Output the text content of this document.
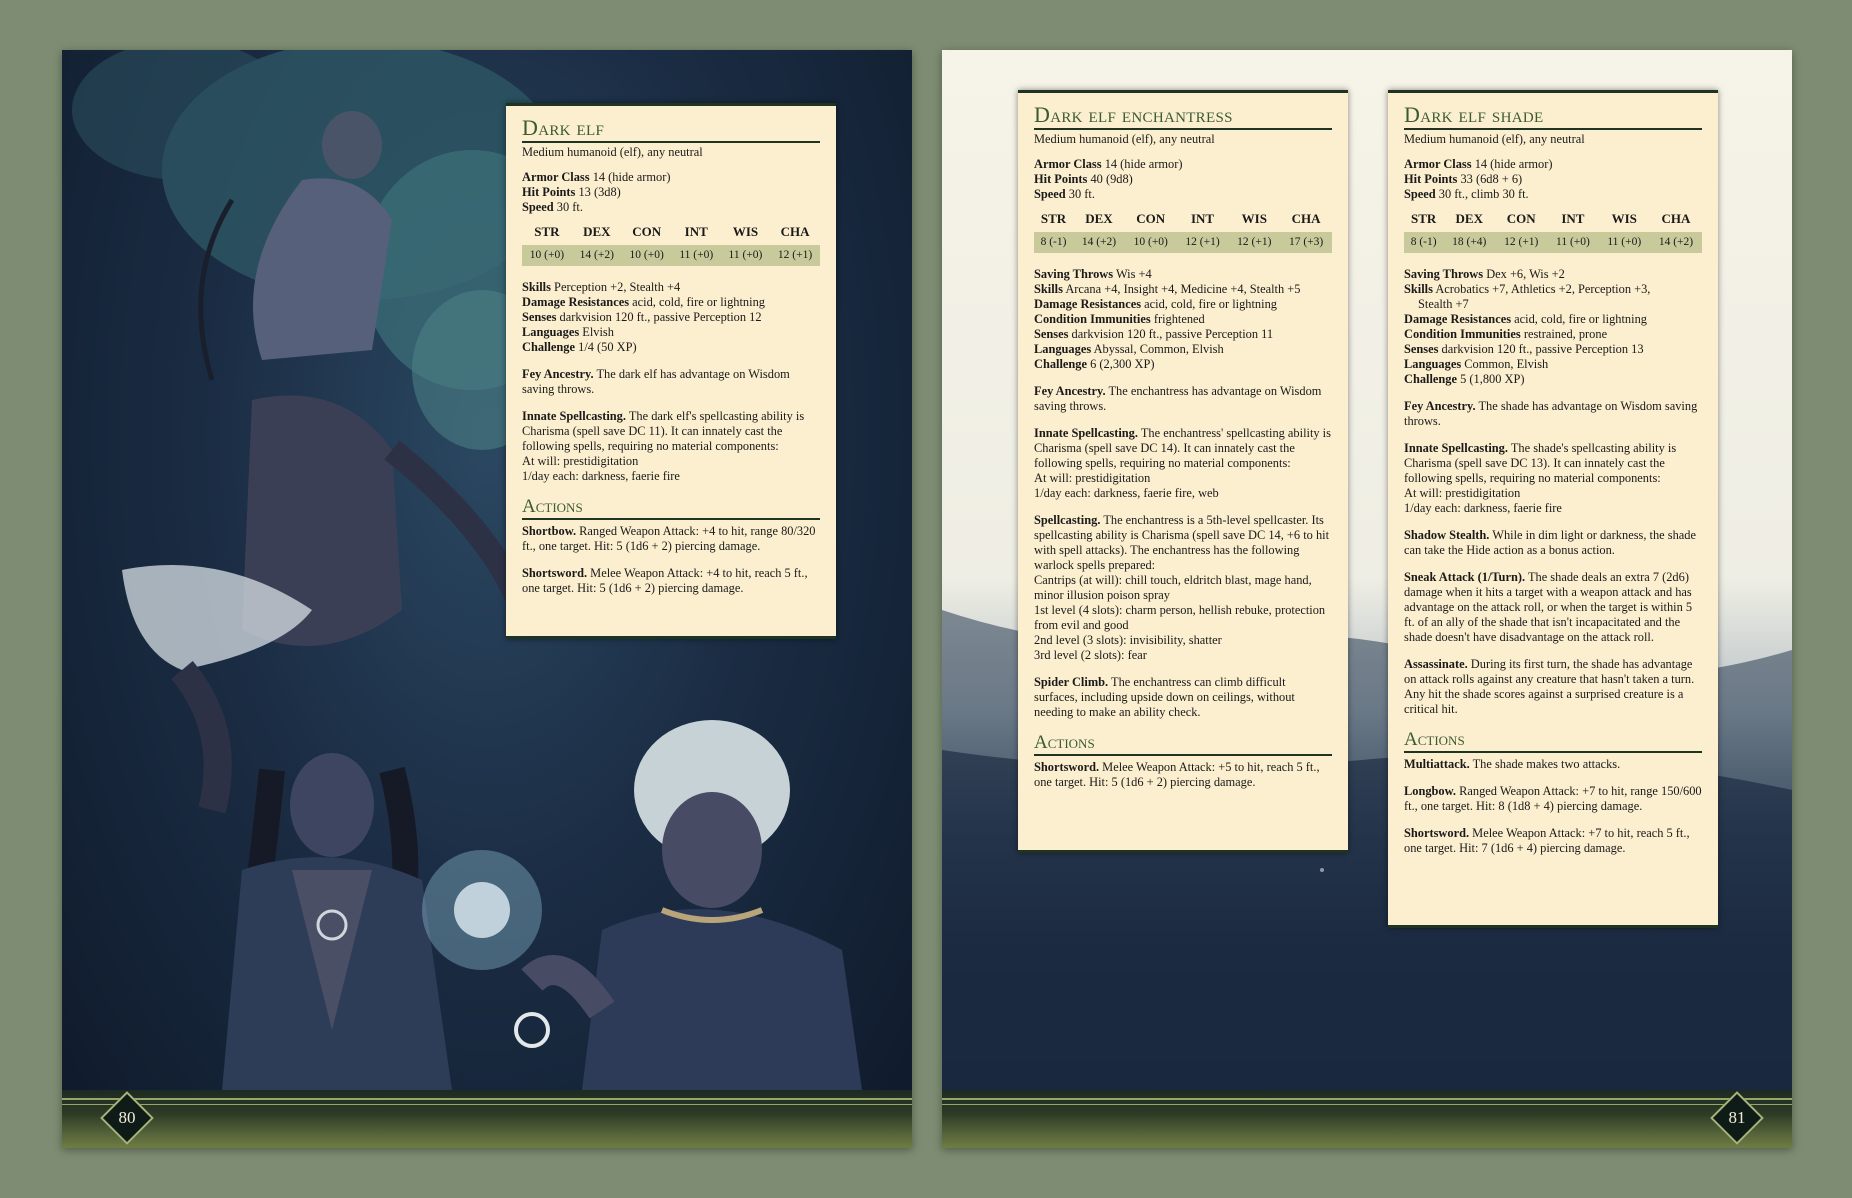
Dark elf
Medium humanoid (elf), any neutral
Armor Class 14 (hide armor)
Hit Points 13 (3d8)
Speed 30 ft.
STR	DEX	CON	INT	WIS	CHA
10 (+0)	14 (+2)	10 (+0)	11 (+0)	11 (+0)	12 (+1)
Skills Perception +2, Stealth +4
Damage Resistances acid, cold, fire or lightning
Senses darkvision 120 ft., passive Perception 12
Languages Elvish
Challenge 1/4 (50 XP)

Fey Ancestry. The dark elf has advantage on Wisdom saving throws.

Innate Spellcasting. The dark elf's spellcasting ability is Charisma (spell save DC 11). It can innately cast the following spells, requiring no material components:

At will: prestidigitation

1/day each: darkness, faerie fire

Actions

Shortbow. Ranged Weapon Attack: +4 to hit, range 80/320 ft., one target. Hit: 5 (1d6 + 2) piercing damage.

Shortsword. Melee Weapon Attack: +4 to hit, reach 5 ft., one target. Hit: 5 (1d6 + 2) piercing damage.

80
Dark elf enchantress
Medium humanoid (elf), any neutral
Armor Class 14 (hide armor)
Hit Points 40 (9d8)
Speed 30 ft.
STR	DEX	CON	INT	WIS	CHA
8 (-1)	14 (+2)	10 (+0)	12 (+1)	12 (+1)	17 (+3)
Saving Throws Wis +4
Skills Arcana +4, Insight +4, Medicine +4, Stealth +5
Damage Resistances acid, cold, fire or lightning
Condition Immunities frightened
Senses darkvision 120 ft., passive Perception 11
Languages Abyssal, Common, Elvish
Challenge 6 (2,300 XP)

Fey Ancestry. The enchantress has advantage on Wisdom saving throws.

Innate Spellcasting. The enchantress' spellcasting ability is Charisma (spell save DC 14). It can innately cast the following spells, requiring no material components:

At will: prestidigitation

1/day each: darkness, faerie fire, web

Spellcasting. The enchantress is a 5th-level spellcaster. Its spellcasting ability is Charisma (spell save DC 14, +6 to hit with spell attacks). The enchantress has the following warlock spells prepared:

Cantrips (at will): chill touch, eldritch blast, mage hand, minor illusion poison spray

1st level (4 slots): charm person, hellish rebuke, protection from evil and good

2nd level (3 slots): invisibility, shatter

3rd level (2 slots): fear

Spider Climb. The enchantress can climb difficult surfaces, including upside down on ceilings, without needing to make an ability check.

Actions

Shortsword. Melee Weapon Attack: +5 to hit, reach 5 ft., one target. Hit: 5 (1d6 + 2) piercing damage.

Dark elf shade
Medium humanoid (elf), any neutral
Armor Class 14 (hide armor)
Hit Points 33 (6d8 + 6)
Speed 30 ft., climb 30 ft.
STR	DEX	CON	INT	WIS	CHA
8 (-1)	18 (+4)	12 (+1)	11 (+0)	11 (+0)	14 (+2)
Saving Throws Dex +6, Wis +2
Skills Acrobatics +7, Athletics +2, Perception +3,
Stealth +7
Damage Resistances acid, cold, fire or lightning
Condition Immunities restrained, prone
Senses darkvision 120 ft., passive Perception 13
Languages Common, Elvish
Challenge 5 (1,800 XP)

Fey Ancestry. The shade has advantage on Wisdom saving throws.

Innate Spellcasting. The shade's spellcasting ability is Charisma (spell save DC 13). It can innately cast the following spells, requiring no material components:

At will: prestidigitation

1/day each: darkness, faerie fire

Shadow Stealth. While in dim light or darkness, the shade can take the Hide action as a bonus action.

Sneak Attack (1/Turn). The shade deals an extra 7 (2d6) damage when it hits a target with a weapon attack and has advantage on the attack roll, or when the target is within 5 ft. of an ally of the shade that isn't incapacitated and the shade doesn't have disadvantage on the attack roll.

Assassinate. During its first turn, the shade has advantage on attack rolls against any creature that hasn't taken a turn. Any hit the shade scores against a surprised creature is a critical hit.

Actions

Multiattack. The shade makes two attacks.

Longbow. Ranged Weapon Attack: +7 to hit, range 150/600 ft., one target. Hit: 8 (1d8 + 4) piercing damage.

Shortsword. Melee Weapon Attack: +7 to hit, reach 5 ft., one target. Hit: 7 (1d6 + 4) piercing damage.

81
